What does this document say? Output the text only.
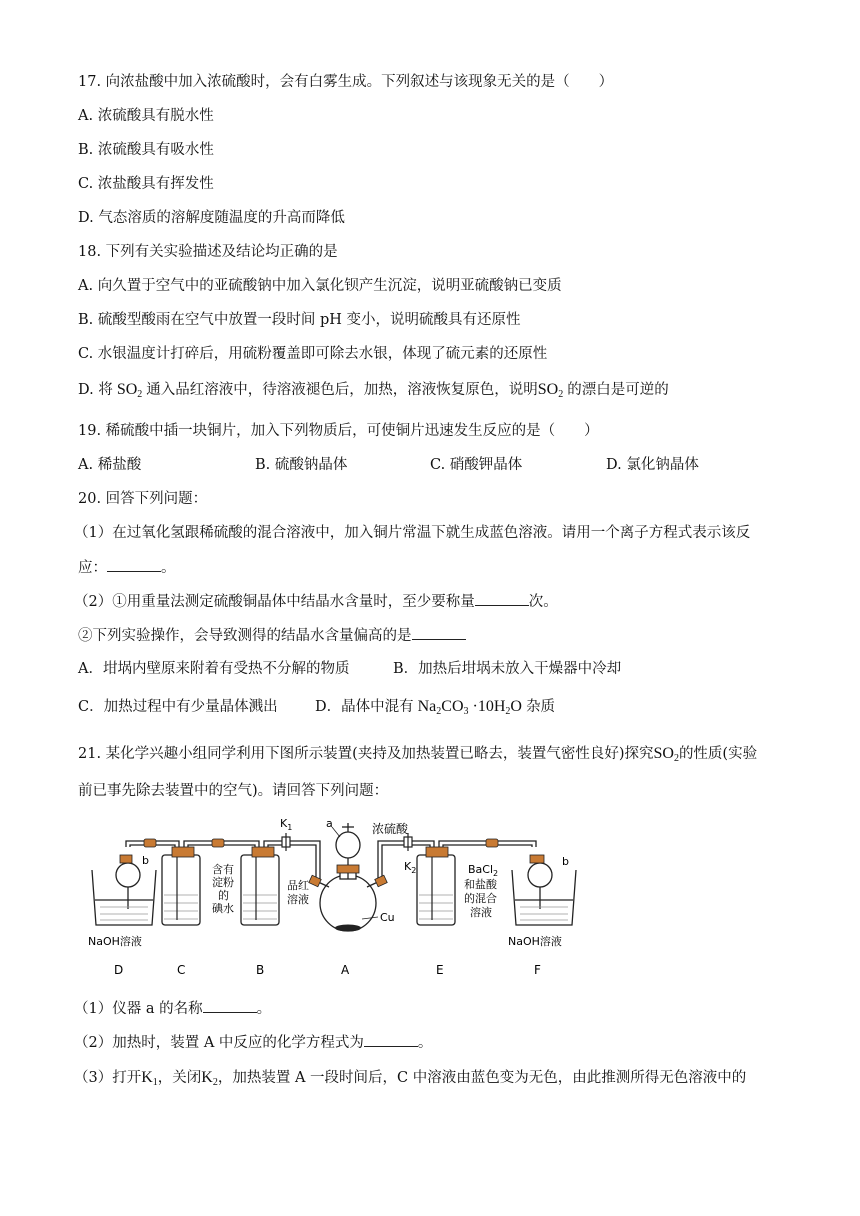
17. 向浓盐酸中加入浓硫酸时，会有白雾生成。下列叙述与该现象无关的是（　　）
A. 浓硫酸具有脱水性
B. 浓硫酸具有吸水性
C. 浓盐酸具有挥发性
D. 气态溶质的溶解度随温度的升高而降低
18. 下列有关实验描述及结论均正确的是
A. 向久置于空气中的亚硫酸钠中加入氯化钡产生沉淀，说明亚硫酸钠已变质
B. 硫酸型酸雨在空气中放置一段时间 pH 变小，说明硫酸具有还原性
C. 水银温度计打碎后，用硫粉覆盖即可除去水银，体现了硫元素的还原性
D. 将 $SO_2$ 通入品红溶液中，待溶液褪色后，加热，溶液恢复原色，说明$SO_2$ 的漂白是可逆的
19. 稀硫酸中插一块铜片，加入下列物质后，可使铜片迅速发生反应的是（　　）
A. 稀盐酸	B. 硫酸钠晶体	C. 硝酸钾晶体	D. 氯化钠晶体
20. 回答下列问题：
（1）在过氧化氢跟稀硫酸的混合溶液中，加入铜片常温下就生成蓝色溶液。请用一个离子方程式表示该反
应：	。
（2）①用重量法测定硫酸铜晶体中结晶水含量时，至少要称量	次。
②下列实验操作，会导致测得的结晶水含量偏高的是
A．坩埚内壁原来附着有受热不分解的物质	B．加热后坩埚未放入干燥器中冷却
C．加热过程中有少量晶体溅出	D．晶体中混有 $Na_2CO_3 \cdot 10H_2O$ 杂质
21. 某化学兴趣小组同学利用下图所示装置(夹持及加热装置已略去，装置气密性良好)探究$SO_2$的性质(实验
前已事先除去装置中的空气)。请回答下列问题：
$K_1$
$K_2$
b
含有
淀粉
的
碘水
品红
溶液
a	浓硫酸
Cu
BaCl$_2$
和盐酸
的混合
溶液
b
NaOH溶液	NaOH溶液
D	C	B	A	E	F
（1）仪器 a 的名称	。
（2）加热时，装置 A 中反应的化学方程式为	。
（3）打开$K_1$，关闭$K_2$，加热装置 A 一段时间后，C 中溶液由蓝色变为无色，由此推测所得无色溶液中的
